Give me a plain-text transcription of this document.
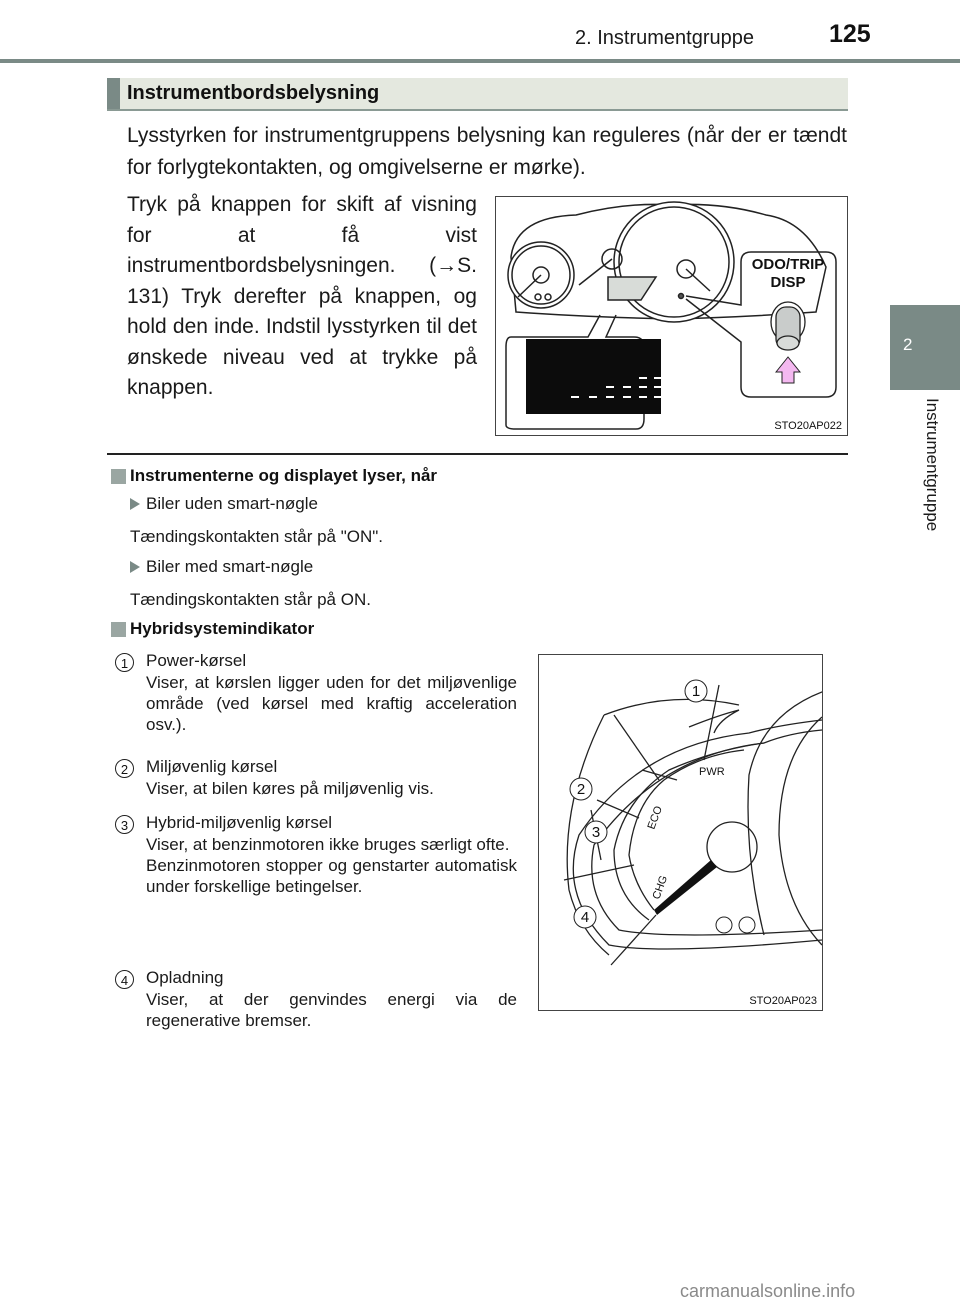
2. Instrumentgruppe	125
2
Instrumentgruppe
Instrumentbordsbelysning
Lysstyrken for instrumentgruppens belysning kan reguleres (når der er tændt for forlygtekontakten, og omgivelserne er mørke).
Tryk på knappen for skift af visning for at få vist instrumentbordsbelysningen. (→S. 131) Tryk derefter på knappen, og hold den inde. Indstil lysstyrken til det ønskede niveau ved at trykke på knappen.
ODO/TRIP
DISP
STO20AP022
Instrumenterne og displayet lyser, når
Biler uden smart-nøgle
Tændingskontakten står på "ON".
Biler med smart-nøgle
Tændingskontakten står på ON.
Hybridsystemindikator
1	Power-kørsel

Viser, at kørslen ligger uden for det miljøvenlige område (ved kørsel med kraftig acceleration osv.).

2	Miljøvenlig kørsel

Viser, at bilen køres på miljøvenlig vis.

3	Hybrid-miljøvenlig kørsel

Viser, at benzinmotoren ikke bruges særligt ofte.

Benzinmotoren stopper og genstarter automatisk under forskellige betingelser.

4	Opladning

Viser, at der genvindes energi via de regenerative bremser.

PWR
ECO
CHG
1
2
3
4
STO20AP023
carmanualsonline.info
